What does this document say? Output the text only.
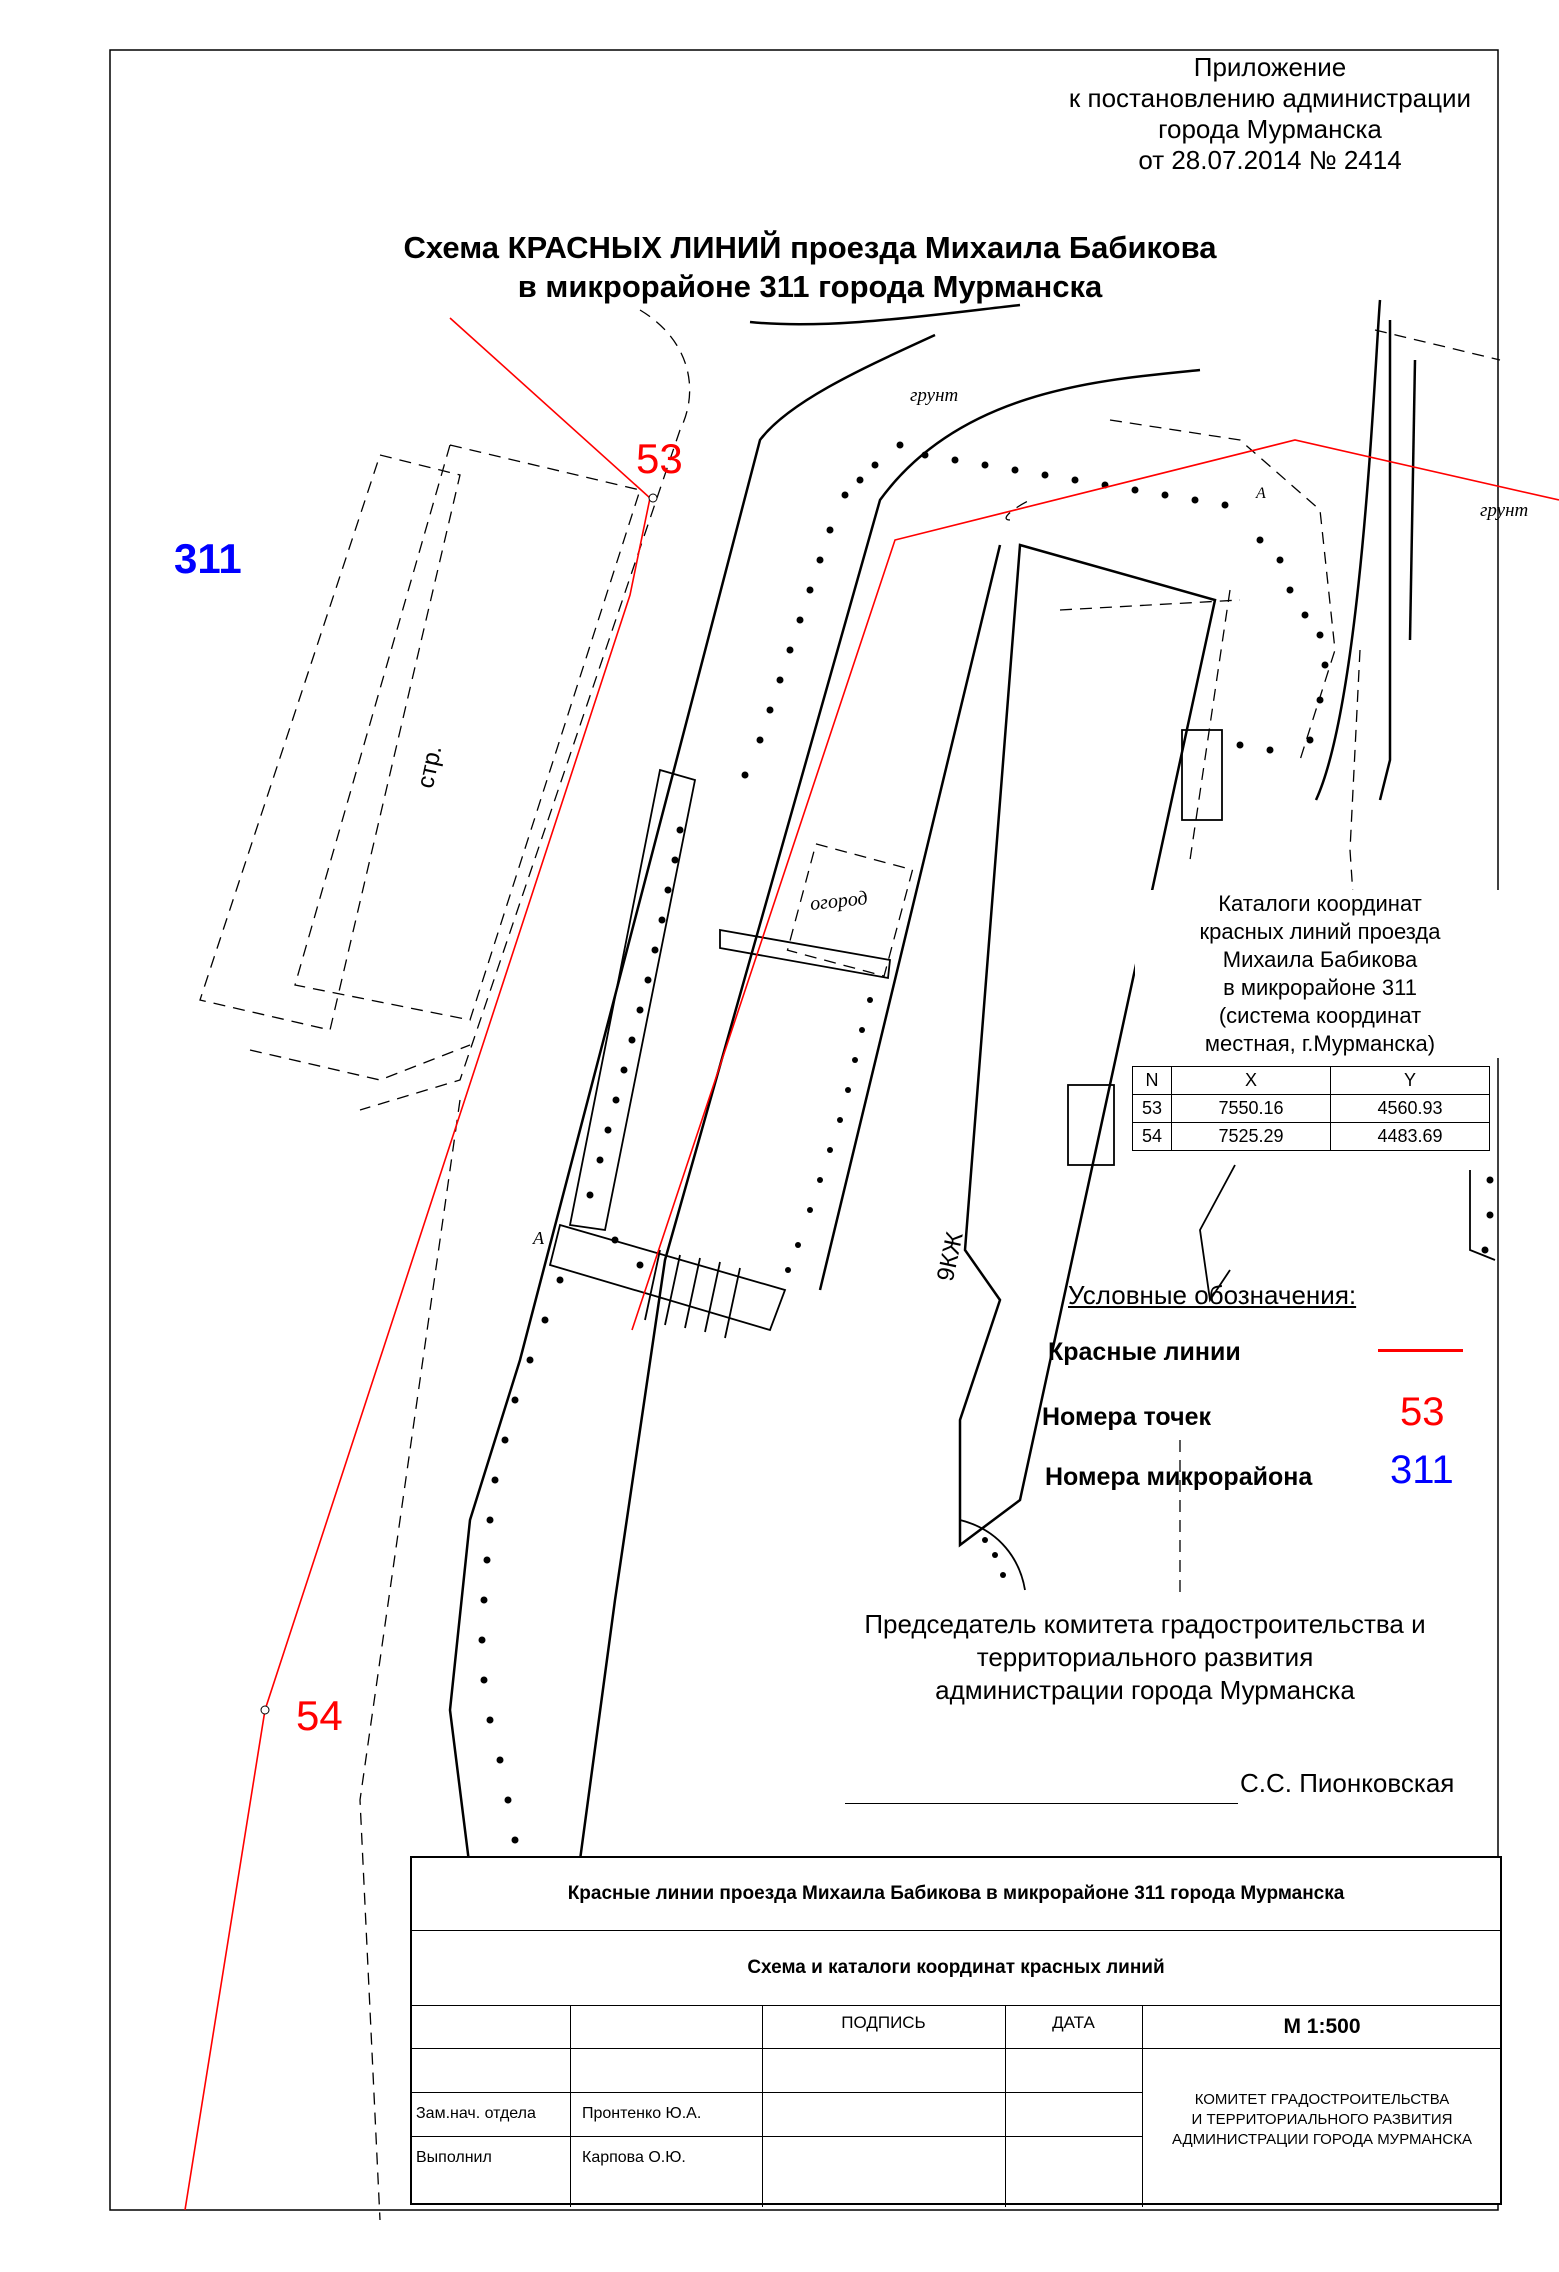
311
53
54
грунт
грунт
стр.
огород
9КЖ
А
А
Приложение
к постановлению администрации
города Мурманска
от 28.07.2014 № 2414
Схема КРАСНЫХ ЛИНИЙ проезда Михаила Бабикова
в микрорайоне 311 города Мурманска
Каталоги координат
красных линий проезда
Михаила Бабикова
в микрорайоне 311
(система координат
местная, г.Мурманска)
N	X	Y
53	7550.16	4560.93
54	7525.29	4483.69
Условные обозначения:
Красные линии
Номера точек	53
Номера микрорайона 311
Председатель комитета градостроительства и
территориального развития
администрации города Мурманска
С.С. Пионковская
Красные линии проезда Михаила Бабикова в микрорайоне 311 города Мурманска
Схема и каталоги координат красных линий
ПОДПИСЬ	ДАТА	М 1:500
Зам.нач. отдела	Пронтенко Ю.А.
Выполнил	Карпова О.Ю.
КОМИТЕТ ГРАДОСТРОИТЕЛЬСТВА
И ТЕРРИТОРИАЛЬНОГО РАЗВИТИЯ
АДМИНИСТРАЦИИ ГОРОДА МУРМАНСКА
